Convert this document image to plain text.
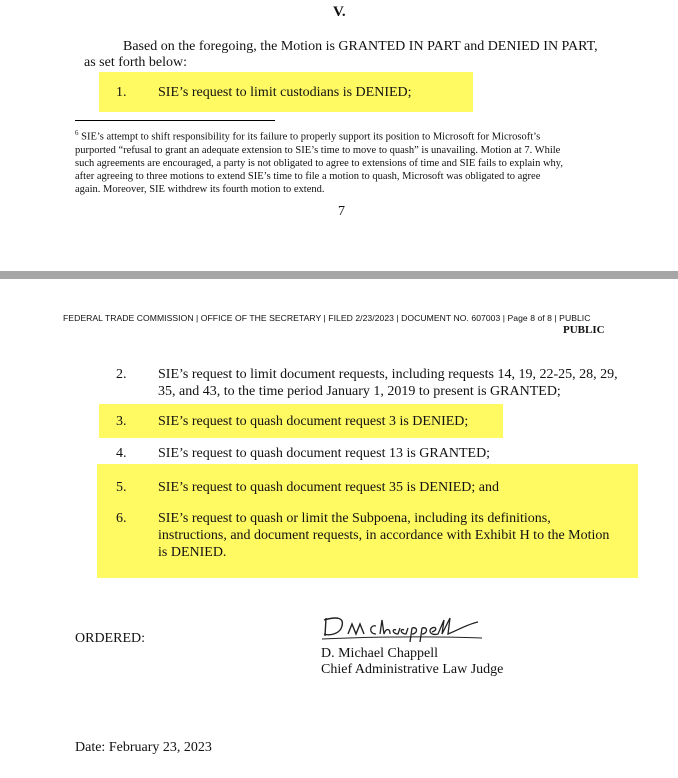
V.
Based on the foregoing, the Motion is GRANTED IN PART and DENIED IN PART,
as set forth below:
1.	SIE’s request to limit custodians is DENIED;
$^6$ SIE’s attempt to shift responsibility for its failure to properly support its position to Microsoft for Microsoft’s
purported “refusal to grant an adequate extension to SIE’s time to move to quash” is unavailing. Motion at 7. While
such agreements are encouraged, a party is not obligated to agree to extensions of time and SIE fails to explain why,
after agreeing to three motions to extend SIE’s time to file a motion to quash, Microsoft was obligated to agree
again. Moreover, SIE withdrew its fourth motion to extend.
7
FEDERAL TRADE COMMISSION | OFFICE OF THE SECRETARY | FILED 2/23/2023 | DOCUMENT NO. 607003 | Page 8 of 8 | PUBLIC
PUBLIC
2.	SIE’s request to limit document requests, including requests 14, 19, 22-25, 28, 29,
35, and 43, to the time period January 1, 2019 to present is GRANTED;
3.	SIE’s request to quash document request 3 is DENIED;
4.	SIE’s request to quash document request 13 is GRANTED;
5.	SIE’s request to quash document request 35 is DENIED; and
6.	SIE’s request to quash or limit the Subpoena, including its definitions,
instructions, and document requests, in accordance with Exhibit H to the Motion
is DENIED.
ORDERED:
D. Michael Chappell
Chief Administrative Law Judge
Date: February 23, 2023
